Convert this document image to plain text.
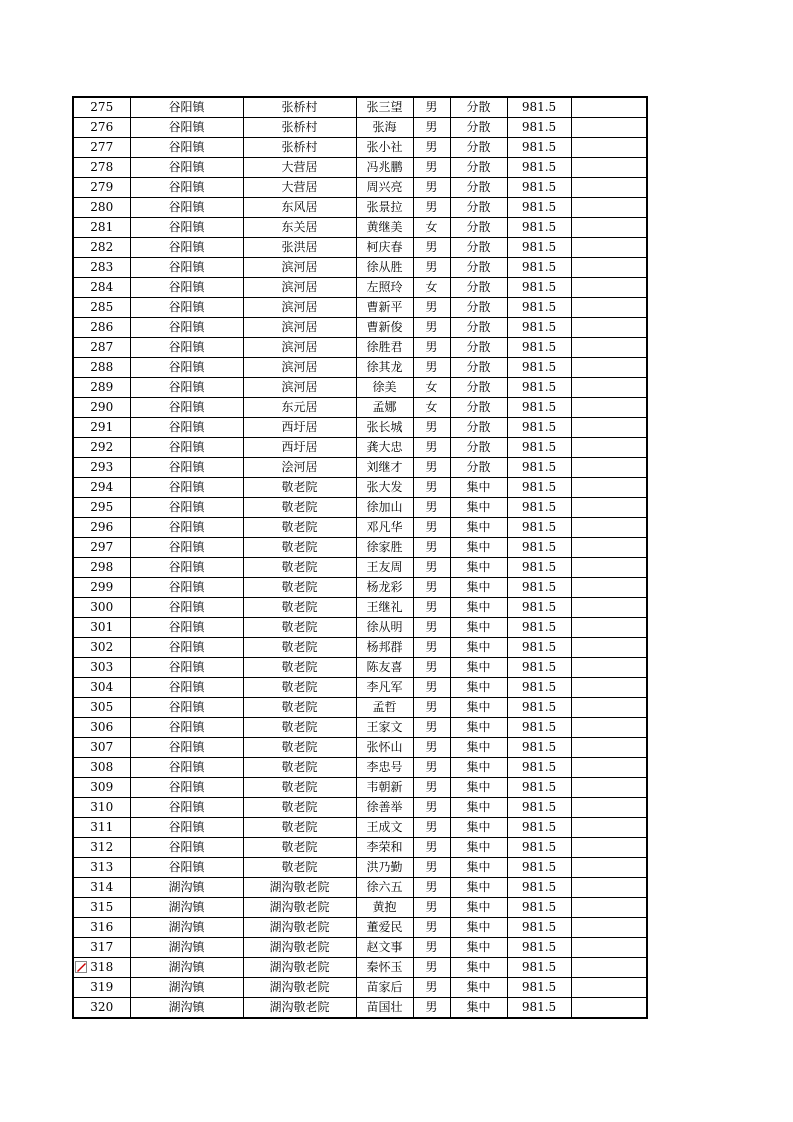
275	谷阳镇	张桥村	张三望	男	分散	981.5	
276	谷阳镇	张桥村	张海	男	分散	981.5	
277	谷阳镇	张桥村	张小社	男	分散	981.5	
278	谷阳镇	大营居	冯兆鹏	男	分散	981.5	
279	谷阳镇	大营居	周兴亮	男	分散	981.5	
280	谷阳镇	东风居	张景拉	男	分散	981.5	
281	谷阳镇	东关居	黄继美	女	分散	981.5	
282	谷阳镇	张洪居	柯庆春	男	分散	981.5	
283	谷阳镇	滨河居	徐从胜	男	分散	981.5	
284	谷阳镇	滨河居	左照玲	女	分散	981.5	
285	谷阳镇	滨河居	曹新平	男	分散	981.5	
286	谷阳镇	滨河居	曹新俊	男	分散	981.5	
287	谷阳镇	滨河居	徐胜君	男	分散	981.5	
288	谷阳镇	滨河居	徐其龙	男	分散	981.5	
289	谷阳镇	滨河居	徐美	女	分散	981.5	
290	谷阳镇	东元居	孟娜	女	分散	981.5	
291	谷阳镇	西圩居	张长城	男	分散	981.5	
292	谷阳镇	西圩居	龚大忠	男	分散	981.5	
293	谷阳镇	浍河居	刘继才	男	分散	981.5	
294	谷阳镇	敬老院	张大发	男	集中	981.5	
295	谷阳镇	敬老院	徐加山	男	集中	981.5	
296	谷阳镇	敬老院	邓凡华	男	集中	981.5	
297	谷阳镇	敬老院	徐家胜	男	集中	981.5	
298	谷阳镇	敬老院	王友周	男	集中	981.5	
299	谷阳镇	敬老院	杨龙彩	男	集中	981.5	
300	谷阳镇	敬老院	王继礼	男	集中	981.5	
301	谷阳镇	敬老院	徐从明	男	集中	981.5	
302	谷阳镇	敬老院	杨邦群	男	集中	981.5	
303	谷阳镇	敬老院	陈友喜	男	集中	981.5	
304	谷阳镇	敬老院	李凡军	男	集中	981.5	
305	谷阳镇	敬老院	孟哲	男	集中	981.5	
306	谷阳镇	敬老院	王家文	男	集中	981.5	
307	谷阳镇	敬老院	张怀山	男	集中	981.5	
308	谷阳镇	敬老院	李忠号	男	集中	981.5	
309	谷阳镇	敬老院	韦朝新	男	集中	981.5	
310	谷阳镇	敬老院	徐善举	男	集中	981.5	
311	谷阳镇	敬老院	王成文	男	集中	981.5	
312	谷阳镇	敬老院	李荣和	男	集中	981.5	
313	谷阳镇	敬老院	洪乃勤	男	集中	981.5	
314	湖沟镇	湖沟敬老院	徐六五	男	集中	981.5	
315	湖沟镇	湖沟敬老院	黄抱	男	集中	981.5	
316	湖沟镇	湖沟敬老院	董爱民	男	集中	981.5	
317	湖沟镇	湖沟敬老院	赵文事	男	集中	981.5	
318	湖沟镇	湖沟敬老院	秦怀玉	男	集中	981.5	
319	湖沟镇	湖沟敬老院	苗家后	男	集中	981.5	
320	湖沟镇	湖沟敬老院	苗国壮	男	集中	981.5	
